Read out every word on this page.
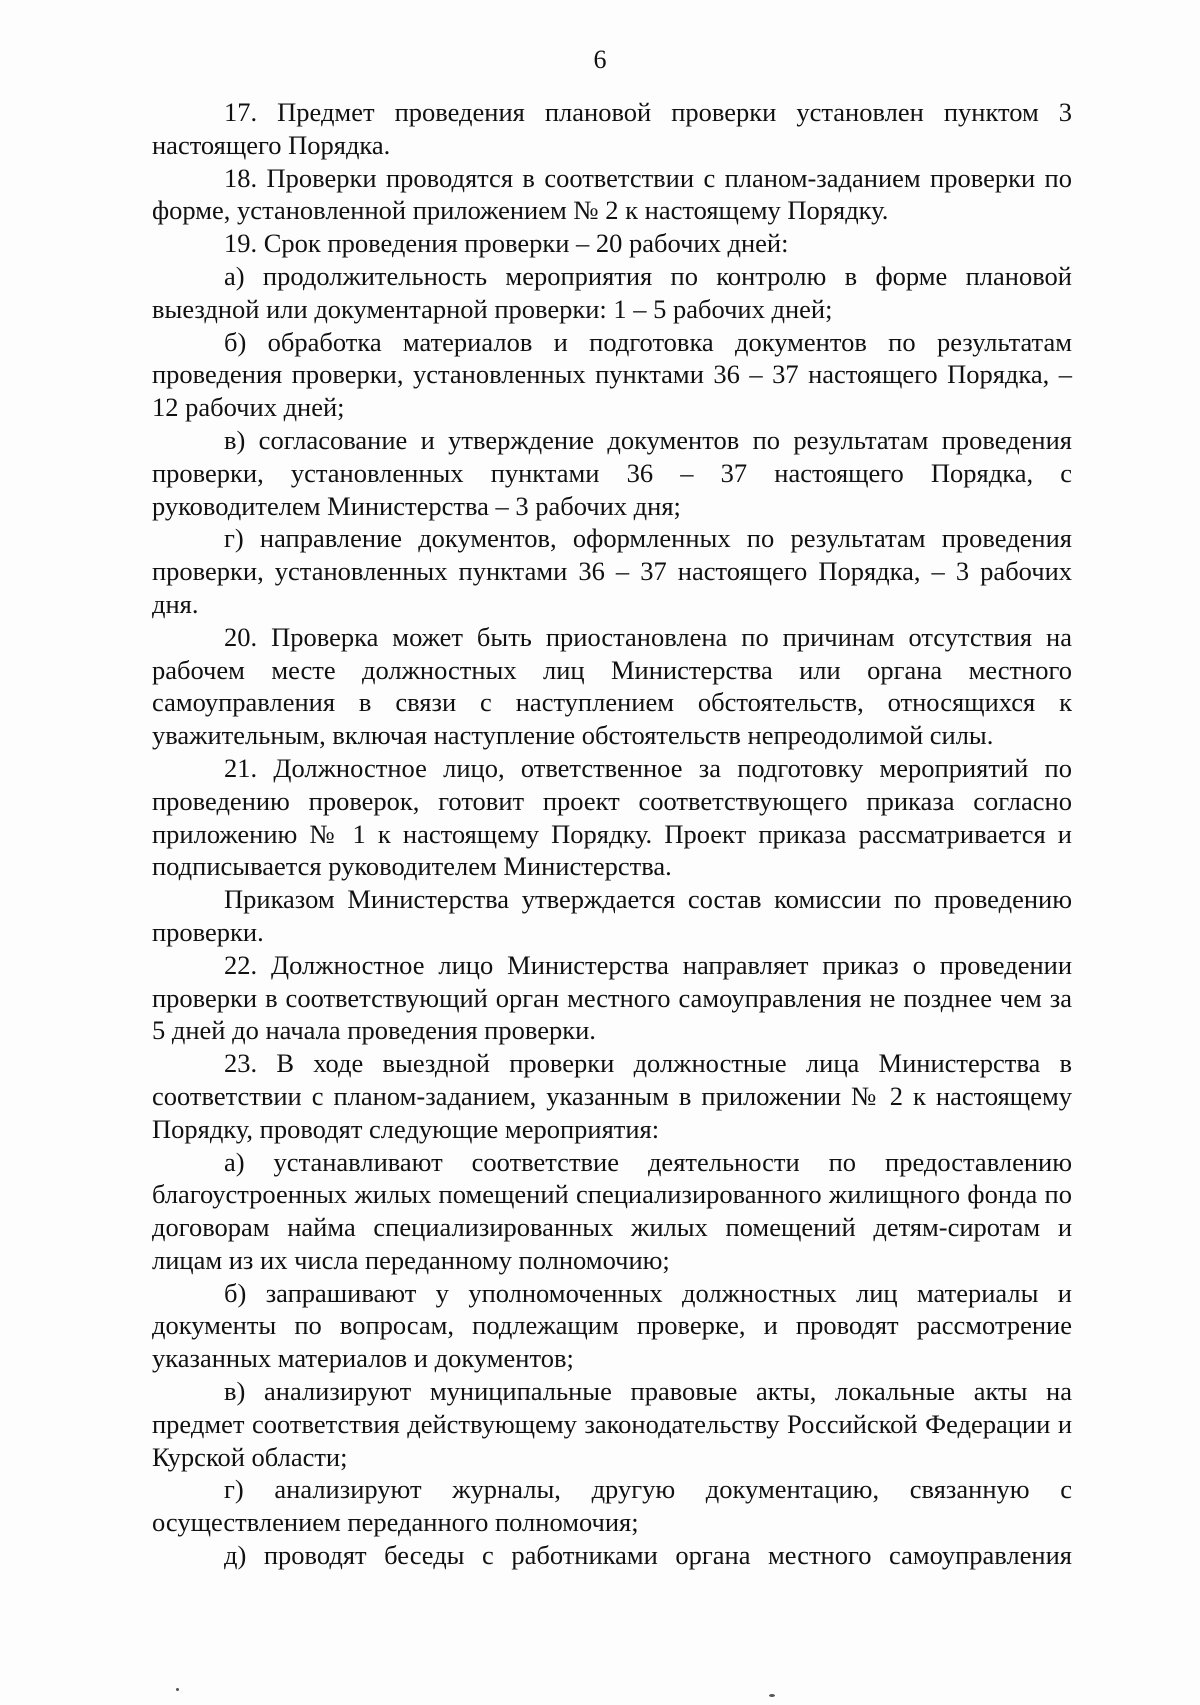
6

17. Предмет проведения плановой проверки установлен пунктом 3 настоящего Порядка.

18. Проверки проводятся в соответствии с планом-заданием проверки по форме, установленной приложением № 2 к настоящему Порядку.

19. Срок проведения проверки – 20 рабочих дней:

а) продолжительность мероприятия по контролю в форме плановой выездной или документарной проверки: 1 – 5 рабочих дней;

б) обработка материалов и подготовка документов по результатам проведения проверки, установленных пунктами 36 – 37 настоящего Порядка, – 12 рабочих дней;

в) согласование и утверждение документов по результатам проведения проверки, установленных пунктами 36 – 37 настоящего Порядка, с руководителем Министерства – 3 рабочих дня;

г) направление документов, оформленных по результатам проведения проверки, установленных пунктами 36 – 37 настоящего Порядка, – 3 рабочих дня.

20. Проверка может быть приостановлена по причинам отсутствия на рабочем месте должностных лиц Министерства или органа местного самоуправления в связи с наступлением обстоятельств, относящихся к уважительным, включая наступление обстоятельств непреодолимой силы.

21. Должностное лицо, ответственное за подготовку мероприятий по проведению проверок, готовит проект соответствующего приказа согласно приложению № 1 к настоящему Порядку. Проект приказа рассматривается и подписывается руководителем Министерства.

Приказом Министерства утверждается состав комиссии по проведению проверки.

22. Должностное лицо Министерства направляет приказ о проведении проверки в соответствующий орган местного самоуправления не позднее чем за 5 дней до начала проведения проверки.

23. В ходе выездной проверки должностные лица Министерства в соответствии с планом-заданием, указанным в приложении № 2 к настоящему Порядку, проводят следующие мероприятия:

а) устанавливают соответствие деятельности по предоставлению благоустроенных жилых помещений специализированного жилищного фонда по договорам найма специализированных жилых помещений детям-сиротам и лицам из их числа переданному полномочию;

б) запрашивают у уполномоченных должностных лиц материалы и документы по вопросам, подлежащим проверке, и проводят рассмотрение указанных материалов и документов;

в) анализируют муниципальные правовые акты, локальные акты на предмет соответствия действующему законодательству Российской Федерации и Курской области;

г) анализируют журналы, другую документацию, связанную с осуществлением переданного полномочия;

д) проводят беседы с работниками органа местного самоуправления
